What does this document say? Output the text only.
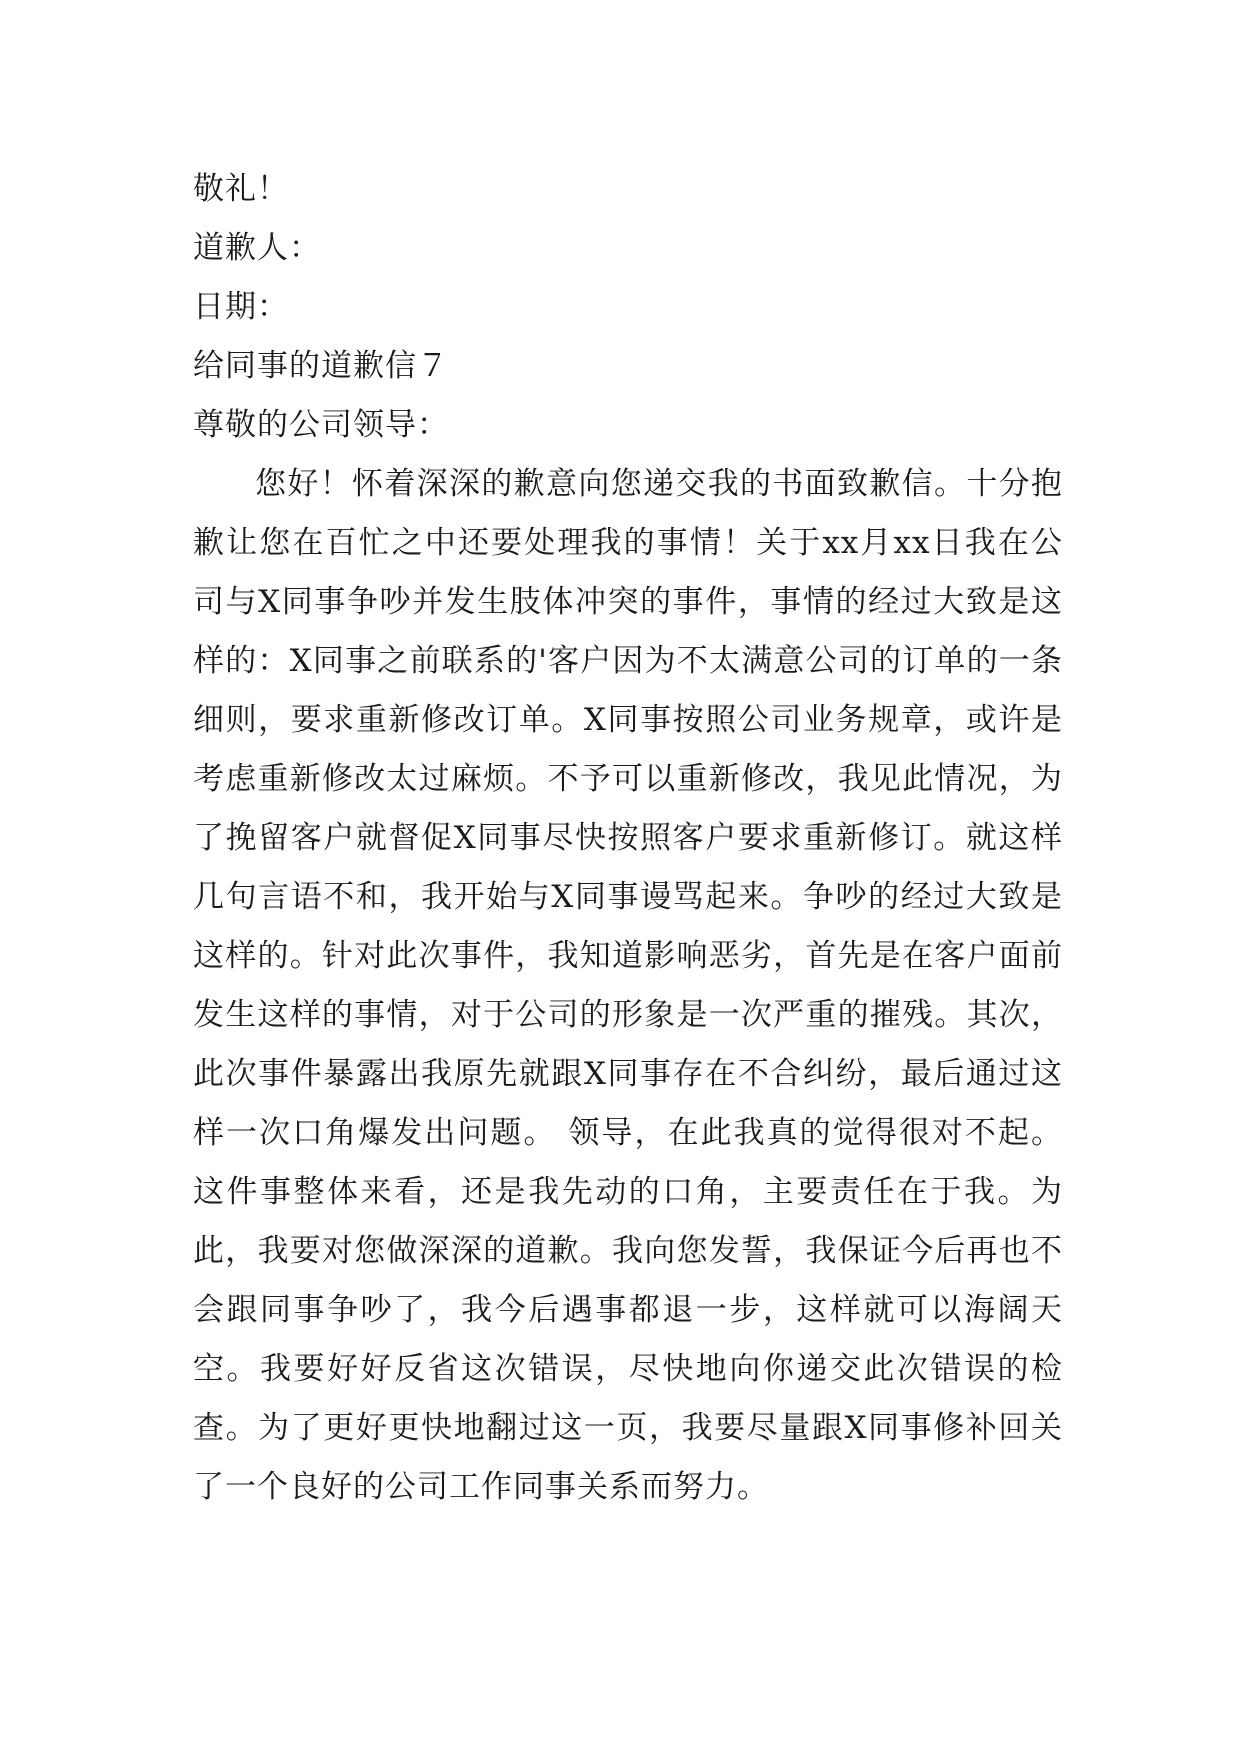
敬礼！

道歉人：

日期：

给同事的道歉信７

尊敬的公司领导：

您好！怀着深深的歉意向您递交我的书面致歉信。十分抱歉让您在百忙之中还要处理我的事情！关于xx月xx日我在公司与X同事争吵并发生肢体冲突的事件，事情的经过大致是这样的：X同事之前联系的'客户因为不太满意公司的订单的一条细则，要求重新修改订单。X同事按照公司业务规章，或许是考虑重新修改太过麻烦。不予可以重新修改，我见此情况，为了挽留客户就督促X同事尽快按照客户要求重新修订。就这样几句言语不和，我开始与X同事谩骂起来。争吵的经过大致是这样的。针对此次事件，我知道影响恶劣，首先是在客户面前发生这样的事情，对于公司的形象是一次严重的摧残。其次，此次事件暴露出我原先就跟X同事存在不合纠纷，最后通过这样一次口角爆发出问题。 领导，在此我真的觉得很对不起。这件事整体来看，还是我先动的口角，主要责任在于我。为此，我要对您做深深的道歉。我向您发誓，我保证今后再也不会跟同事争吵了，我今后遇事都退一步，这样就可以海阔天空。我要好好反省这次错误，尽快地向你递交此次错误的检查。为了更好更快地翻过这一页，我要尽量跟X同事修补回关了一个良好的公司工作同事关系而努力。
